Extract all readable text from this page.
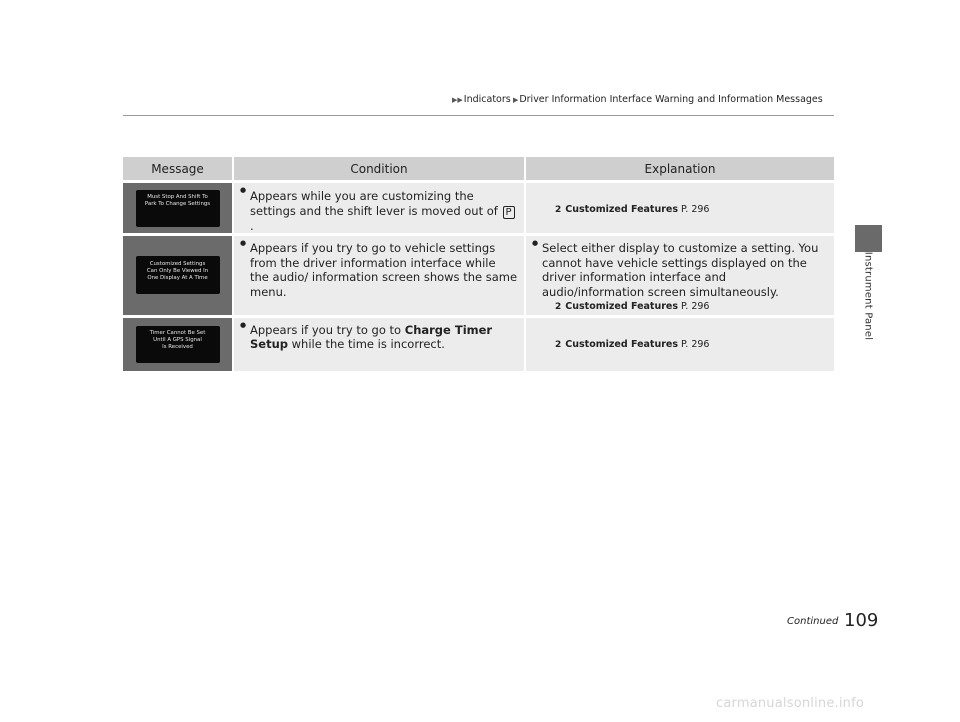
▶▶Indicators ▶Driver Information Interface Warning and Information Messages
Instrument Panel
Message	Condition	Explanation

Must Stop And Shift To
Park To Change Settings	● Appears while you are customizing the settings and the shift lever is moved out of P.	2 Customized Features P. 296

Customized Settings
Can Only Be Viewed In
One Display At A Time	● Appears if you try to go to vehicle settings from the driver information interface while the audio/ information screen shows the same menu.	● Select either display to customize a setting. You cannot have vehicle settings displayed on the driver information interface and audio/information screen simultaneously.
2 Customized Features P. 296

Timer Cannot Be Set
Until A GPS Signal
Is Received	● Appears if you try to go to Charge Timer Setup while the time is incorrect.	2 Customized Features P. 296
Continued 109
carmanualsonline.info
